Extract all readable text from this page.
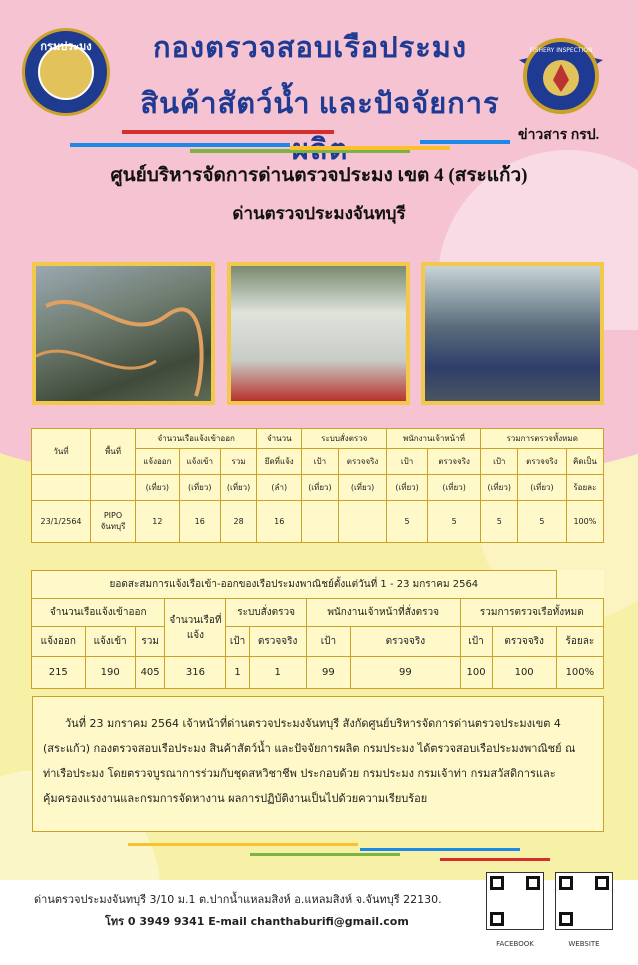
กรมประมง	FISHERY INSPECTION
กองตรวจสอบเรือประมง
สินค้าสัตว์น้ำ และปัจจัยการ
ข่าวสาร กรป.
ศูนย์บริหารจัดการด่านตรวจประมง เขต 4 (สระแก้ว)
ด่านตรวจประมงจันทบุรี
วันที่	พื้นที่	จำนวนเรือแจ้งเข้าออก			จำนวน	ระบบสั่งตรวจ		พนักงานเจ้าหน้าที่		รวมการตรวจทั้งหมด		
		แจ้งออก	แจ้งเข้า	รวม	ยึดที่แจ้ง	เป้า	ตรวจจริง	เป้า	ตรวจจริง	เป้า	ตรวจจริง	คิดเป็น
		(เที่ยว)	(เที่ยว)	(เที่ยว)	(ลำ)	(เที่ยว)	(เที่ยว)	(เที่ยว)	(เที่ยว)	(เที่ยว)	(เที่ยว)	ร้อยละ
23/1/2564	PIPO จันทบุรี	12	16	28	16			5	5	5	5	100%
ยอดสะสมการแจ้งเรือเข้า-ออกของเรือประมงพาณิชย์ตั้งแต่วันที่ 1 - 23 มกราคม 2564										
จำนวนเรือแจ้งเข้าออก			จำนวนเรือที่แจ้ง	ระบบสั่งตรวจ		พนักงานเจ้าหน้าที่สั่งตรวจ		รวมการตรวจเรือทั้งหมด		
แจ้งออก	แจ้งเข้า	รวม		เป้า	ตรวจจริง	เป้า	ตรวจจริง	เป้า	ตรวจจริง	ร้อยละ
215	190	405	316	1	1	99	99	100	100	100%
วันที่ 23 มกราคม 2564 เจ้าหน้าที่ด่านตรวจประมงจันทบุรี สังกัดศูนย์บริหารจัดการด่านตรวจประมงเขต 4 (สระแก้ว) กองตรวจสอบเรือประมง สินค้าสัตว์น้ำ และปัจจัยการผลิต กรมประมง ได้ตรวจสอบเรือประมงพาณิชย์ ณ ท่าเรือประมง โดยตรวจบูรณาการร่วมกับชุดสหวิชาชีพ ประกอบด้วย กรมประมง กรมเจ้าท่า กรมสวัสดิการและคุ้มครองแรงงานและกรมการจัดหางาน ผลการปฏิบัติงานเป็นไปด้วยความเรียบร้อย
ด่านตรวจประมงจันทบุรี 3/10 ม.1 ต.ปากน้ำแหลมสิงห์ อ.แหลมสิงห์ จ.จันทบุรี 22130.
โทร 0 3949 9341 E-mail chanthaburifi@gmail.com
FACEBOOK	WEBSITE
